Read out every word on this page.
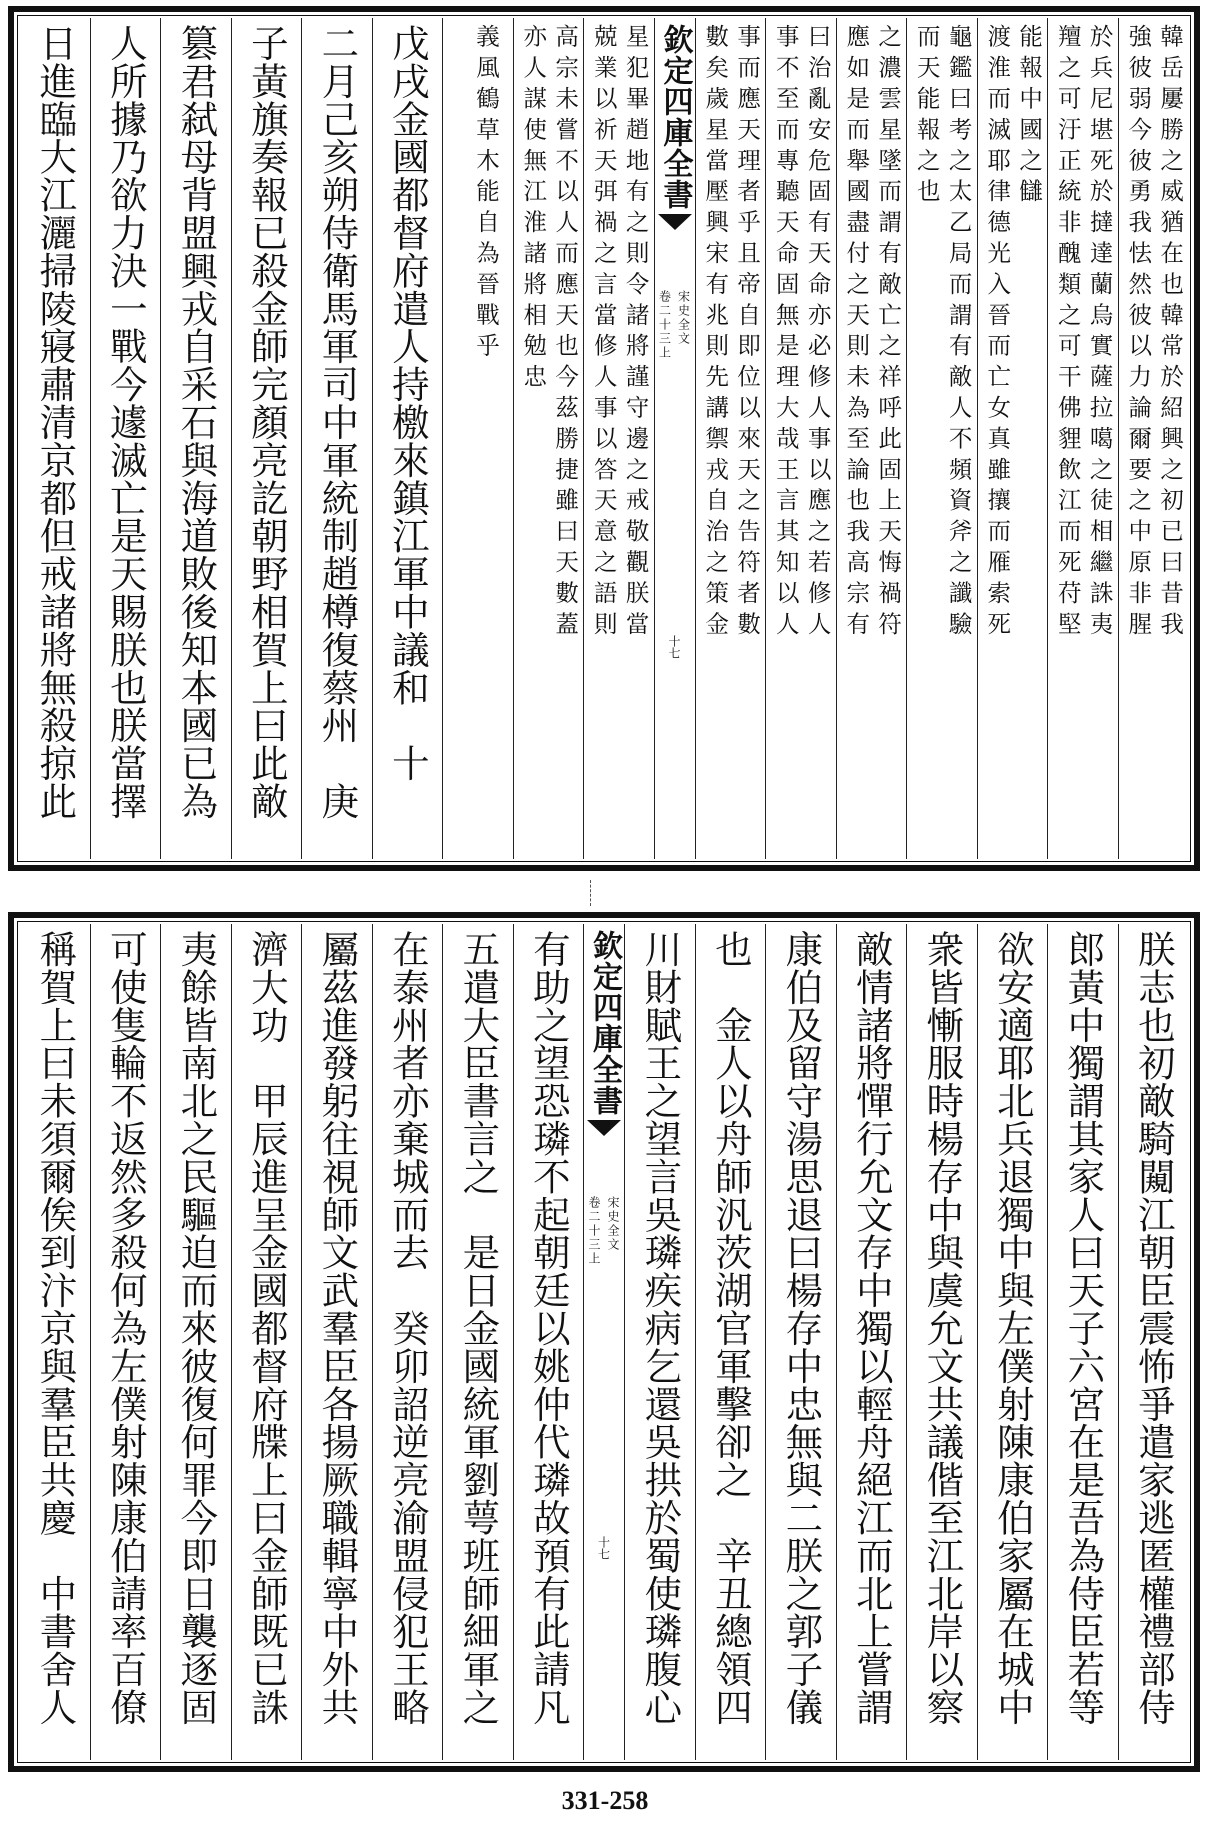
韓岳屢勝之威猶在也韓常於紹興之初已曰昔我
強彼弱今彼勇我怯然彼以力論爾要之中原非腥
於兵尼堪死於撻達蘭烏實薩拉噶之徒相繼誅夷
羶之可汙正統非醜類之可干佛貍飲江而死苻堅
能報中國之讎
渡淮而滅耶律德光入晉而亡女真雖攘而雁索死
龜鑑曰考之太乙局而謂有敵人不頻資斧之讖驗
而天能報之也
之濃雲星墜而謂有敵亡之祥呼此固上天悔禍符
應如是而舉國盡付之天則未為至論也我高宗有
曰治亂安危固有天命亦必修人事以應之若修人
事不至而專聽天命固無是理大哉王言其知以人
事而應天理者乎且帝自即位以來天之告符者數
數矣歲星當壓興宋有兆則先講禦戎自治之策金
欽定四庫全書
宋史全文
卷二十三上
十七
星犯畢趙地有之則令諸將謹守邊之戒敬觀朕當
兢業以祈天弭禍之言當修人事以答天意之語則
高宗未嘗不以人而應天也今茲勝捷雖曰天數蓋
亦人謀使無江淮諸將相勉忠
義風鶴草木能自為晉戰乎
戊戌金國都督府遣人持檄來鎮江軍中議和　十
二月己亥朔侍衛馬軍司中軍統制趙樽復蔡州　庚
子黃旗奏報已殺金師完顏亮訖朝野相賀上曰此敵
篡君弑母背盟興戎自采石與海道敗後知本國已為
人所據乃欲力決一戰今遽滅亡是天賜朕也朕當擇
日進臨大江灑掃陵寢肅清京都但戒諸將無殺掠此
朕志也初敵騎闚江朝臣震怖爭遣家逃匿權禮部侍
郎黃中獨謂其家人曰天子六宮在是吾為侍臣若等
欲安適耶北兵退獨中與左僕射陳康伯家屬在城中
衆皆慚服時楊存中與虞允文共議偕至江北岸以察
敵情諸將憚行允文存中獨以輕舟絕江而北上嘗謂
康伯及留守湯思退曰楊存中忠無與二朕之郭子儀
也　金人以舟師汎茨湖官軍擊卻之　辛丑總領四
川財賦王之望言吳璘疾病乞還吳拱於蜀使璘腹心
欽定四庫全書
宋史全文
卷二十三上
十七
有助之望恐璘不起朝廷以姚仲代璘故預有此請凡
五遣大臣書言之　是日金國統軍劉萼班師細軍之
在泰州者亦棄城而去　癸卯詔逆亮渝盟侵犯王略
屬茲進發躬往視師文武羣臣各揚厥職輯寧中外共
濟大功　甲辰進呈金國都督府牒上曰金師既已誅
夷餘皆南北之民驅迫而來彼復何罪今即日襲逐固
可使隻輪不返然多殺何為左僕射陳康伯請率百僚
稱賀上曰未須爾俟到汴京與羣臣共慶　中書舍人
331-258
